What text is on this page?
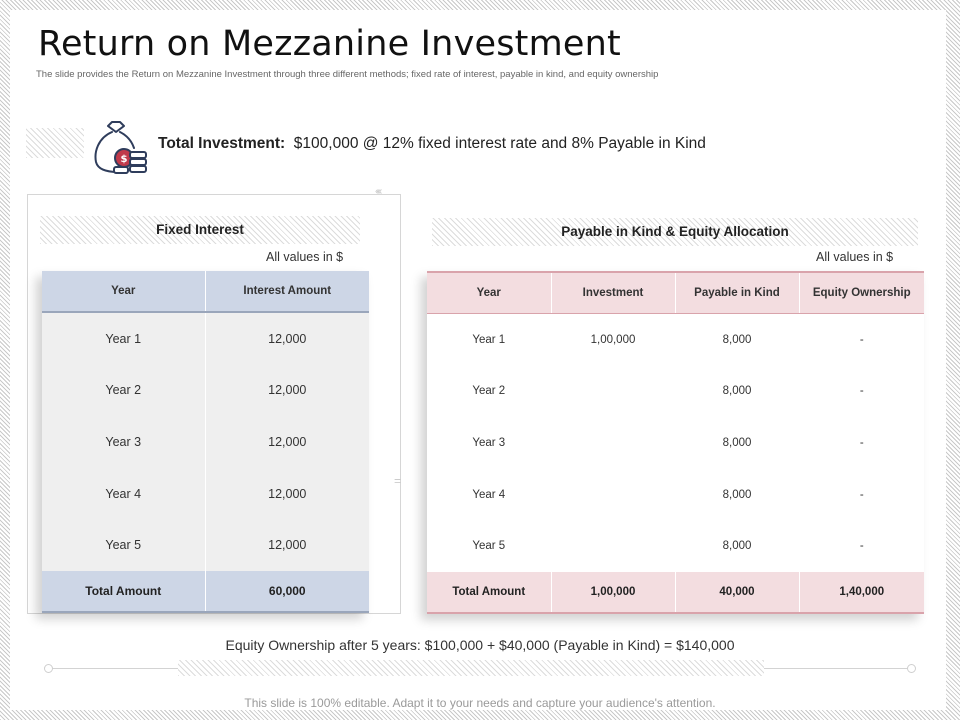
Return on Mezzanine Investment
The slide provides the Return on Mezzanine Investment through three different methods; fixed rate of interest, payable in kind, and equity ownership
$
Total Investment: $100,000 @ 12% fixed interest rate and 8% Payable in Kind
‹‹‹‹
Fixed Interest
All values in $
Year	Interest Amount
Year 1	12,000
Year 2	12,000
Year 3	12,000
Year 4	12,000
Year 5	12,000
Total Amount	60,000
=
Payable in Kind & Equity Allocation
All values in $
Year	Investment	Payable in Kind	Equity Ownership
Year 1	1,00,000	8,000	-
Year 2		8,000	-
Year 3		8,000	-
Year 4		8,000	-
Year 5		8,000	-
Total Amount	1,00,000	40,000	1,40,000
Equity Ownership after 5 years: $100,000 + $40,000 (Payable in Kind) = $140,000
This slide is 100% editable. Adapt it to your needs and capture your audience's attention.
